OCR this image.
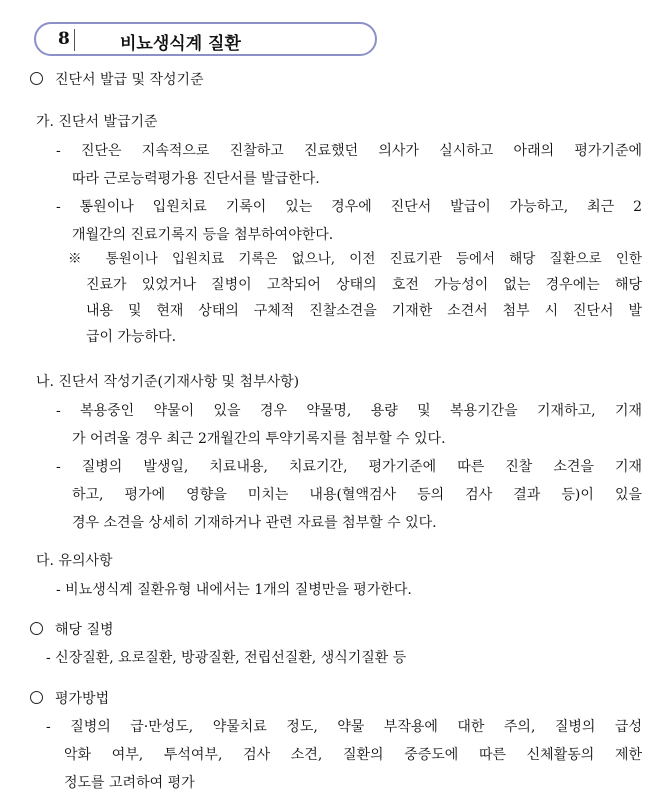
8	비뇨생식계 질환
진단서 발급 및 작성기준
가. 진단서 발급기준
- 진단은 지속적으로 진찰하고 진료했던 의사가 실시하고 아래의 평가기준에
따라 근로능력평가용 진단서를 발급한다.
- 통원이나 입원치료 기록이 있는 경우에 진단서 발급이 가능하고, 최근 2
개월간의 진료기록지 등을 첨부하여야한다.
※ 통원이나 입원치료 기록은 없으나, 이전 진료기관 등에서 해당 질환으로 인한
진료가 있었거나 질병이 고착되어 상태의 호전 가능성이 없는 경우에는 해당
내용 및 현재 상태의 구체적 진찰소견을 기재한 소견서 첨부 시 진단서 발
급이 가능하다.
나. 진단서 작성기준(기재사항 및 첨부사항)
- 복용중인 약물이 있을 경우 약물명, 용량 및 복용기간을 기재하고, 기재
가 어려울 경우 최근 2개월간의 투약기록지를 첨부할 수 있다.
- 질병의 발생일, 치료내용, 치료기간, 평가기준에 따른 진찰 소견을 기재
하고, 평가에 영향을 미치는 내용(혈액검사 등의 검사 결과 등)이 있을
경우 소견을 상세히 기재하거나 관련 자료를 첨부할 수 있다.
다. 유의사항
- 비뇨생식계 질환유형 내에서는 1개의 질병만을 평가한다.
해당 질병
- 신장질환, 요로질환, 방광질환, 전립선질환, 생식기질환 등
평가방법
- 질병의 급·만성도, 약물치료 정도, 약물 부작용에 대한 주의, 질병의 급성
악화 여부, 투석여부, 검사 소견, 질환의 중증도에 따른 신체활동의 제한
정도를 고려하여 평가
